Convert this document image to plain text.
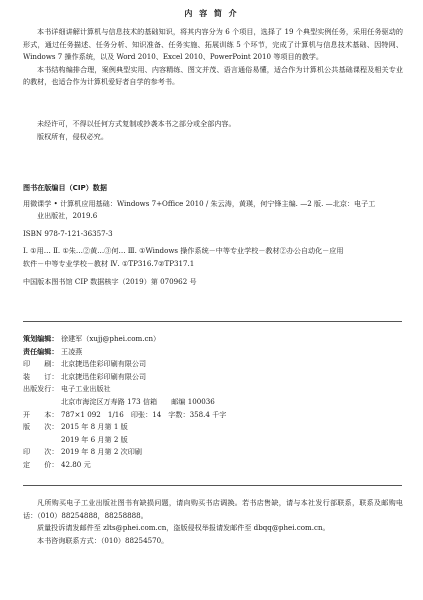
内 容 简 介

本书详细讲解计算机与信息技术的基础知识，将其内容分为 6 个项目，选择了 19 个典型实例任务，采用任务驱动的形式，通过任务描述、任务分析、知识准备、任务实施、拓展训练 5 个环节，完成了计算机与信息技术基础、因特网、Windows 7 操作系统，以及 Word 2010、Excel 2010、PowerPoint 2010 等项目的教学。

本书结构编排合理，案例典型实用、内容精练、图文并茂、语言通俗易懂，适合作为计算机公共基础课程及相关专业的教材，也适合作为计算机爱好者自学的参考书。

未经许可，不得以任何方式复制或抄袭本书之部分或全部内容。

版权所有，侵权必究。

图书在版编目（CIP）数据

用微课学 • 计算机应用基础：Windows 7+Office 2010 / 朱云涛，黄瑛，何宁锋主编. —2 版. —北京：电子工

业出版社，2019.6

ISBN 978-7-121-36357-3

Ⅰ. ①用… Ⅱ. ①朱…②黄…③何… Ⅲ. ①Windows 操作系统－中等专业学校－教材②办公自动化－应用

软件－中等专业学校－教材 Ⅳ. ①TP316.7②TP317.1

中国版本图书馆 CIP 数据核字（2019）第 070962 号

策划编辑： 徐建军（xujj@phei.com.cn）
责任编辑： 王凌燕
印　　刷： 北京捷迅佳彩印刷有限公司
装　　订： 北京捷迅佳彩印刷有限公司
出版发行： 电子工业出版社
北京市海淀区万寿路 173 信箱　　邮编 100036
开　　本： 787×1 092　1/16　印张：14　字数：358.4 千字
版　　次： 2015 年 8 月第 1 版
2019 年 6 月第 2 版
印　　次： 2019 年 8 月第 2 次印刷
定　　价： 42.80 元

凡所购买电子工业出版社图书有缺损问题，请向购买书店调换。若书店售缺，请与本社发行部联系，联系及邮购电话：（010）88254888，88258888。

质量投诉请发邮件至 zlts@phei.com.cn，盗版侵权举报请发邮件至 dbqq@phei.com.cn。

本书咨询联系方式：（010）88254570。
